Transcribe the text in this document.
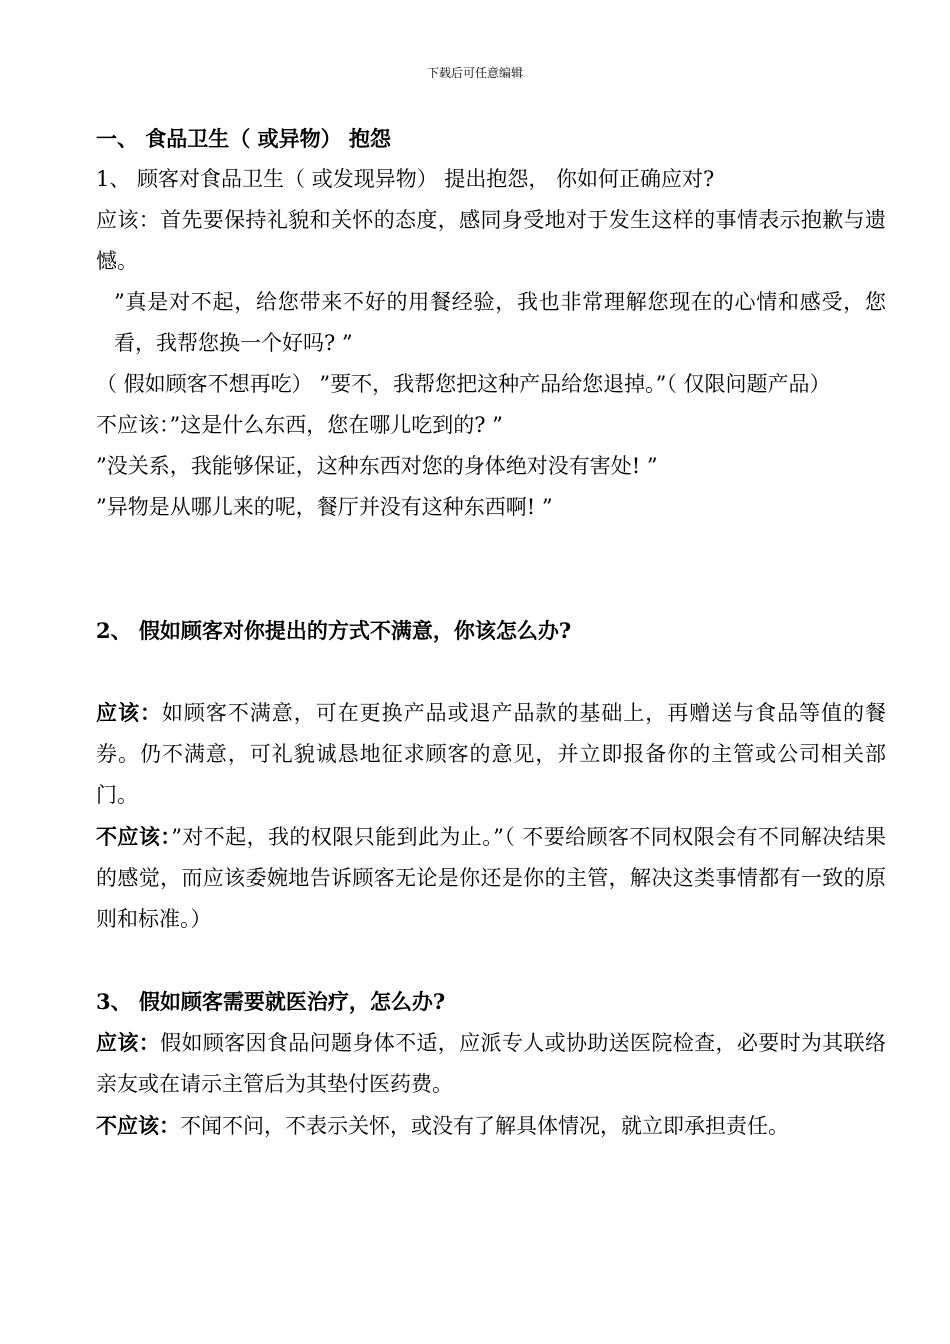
下载后可任意编辑

一、 食品卫生（ 或异物） 抱怨

1、 顾客对食品卫生（ 或发现异物） 提出抱怨， 你如何正确应对?

应该：首先要保持礼貌和关怀的态度，感同身受地对于发生这样的事情表示抱歉与遗憾。

”真是对不起，给您带来不好的用餐经验，我也非常理解您现在的心情和感受，您看，我帮您换一个好吗? ”

（ 假如顾客不想再吃） ”要不，我帮您把这种产品给您退掉。”（ 仅限问题产品）

不应该：”这是什么东西，您在哪儿吃到的? ”

”没关系，我能够保证，这种东西对您的身体绝对没有害处! ”

”异物是从哪儿来的呢，餐厅并没有这种东西啊! ”

2、 假如顾客对你提出的方式不满意，你该怎么办?

应该：如顾客不满意，可在更换产品或退产品款的基础上，再赠送与食品等值的餐券。仍不满意，可礼貌诚恳地征求顾客的意见，并立即报备你的主管或公司相关部门。

不应该：”对不起，我的权限只能到此为止。”（ 不要给顾客不同权限会有不同解决结果的感觉，而应该委婉地告诉顾客无论是你还是你的主管，解决这类事情都有一致的原则和标准。）

3、 假如顾客需要就医治疗，怎么办?

应该：假如顾客因食品问题身体不适，应派专人或协助送医院检查，必要时为其联络亲友或在请示主管后为其垫付医药费。

不应该：不闻不问，不表示关怀，或没有了解具体情况，就立即承担责任。
